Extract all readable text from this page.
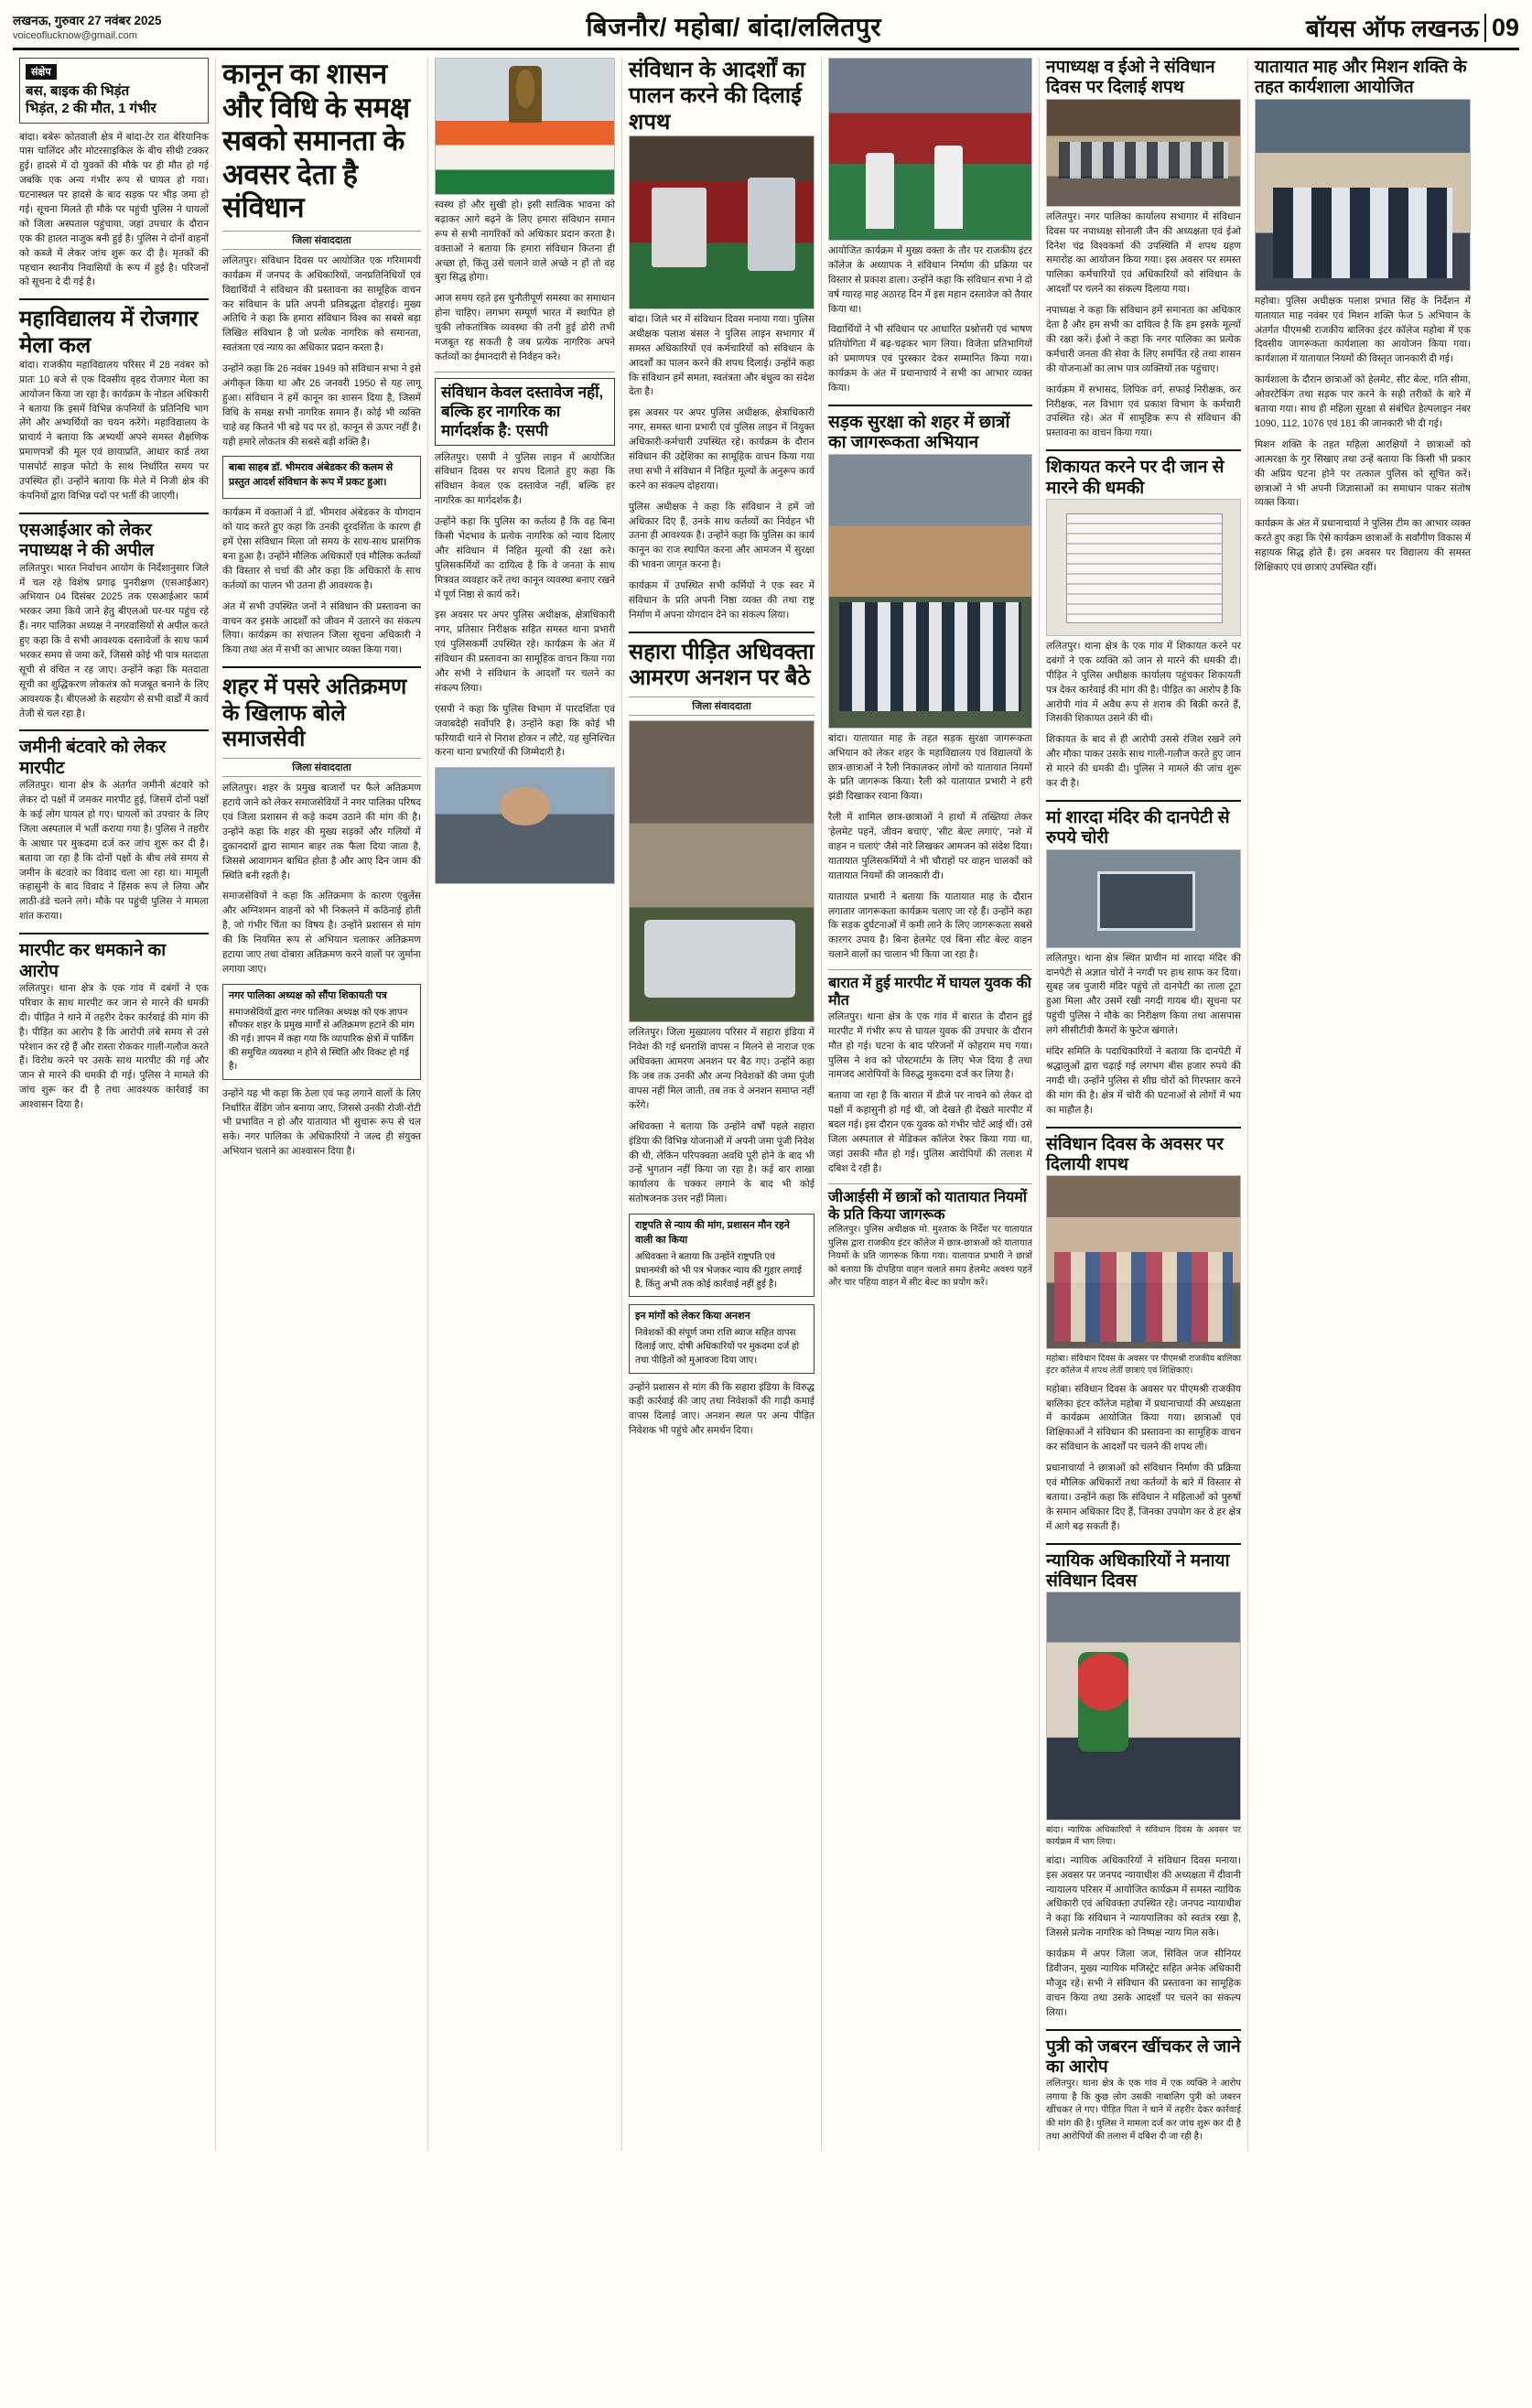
लखनऊ, गुरुवार 27 नवंबर 2025
voiceoflucknow@gmail.com	बिजनौर/ महोबा/ बांदा/ललितपुर	बॉयस ऑफ लखनऊ 09
संक्षेप
बस, बाइक की भिड़ंत
भिड़ंत, 2 की मौत, 1 गंभीर
बांदा। बबेरू कोतवाली क्षेत्र में बांदा-टेर रात बेरियानिक पास चालिंदर और मोटरसाइकिल के बीच सीधी टक्कर हुई। हादसे में दो युवकों की मौके पर ही मौत हो गई जबकि एक अन्य गंभीर रूप से घायल हो गया। घटनास्थल पर हादसे के बाद सड़क पर भीड़ जमा हो गई। सूचना मिलते ही मौके पर पहुंची पुलिस ने घायलों को जिला अस्पताल पहुंचाया, जहां उपचार के दौरान एक की हालत नाजुक बनी हुई है। पुलिस ने दोनों वाहनों को कब्जे में लेकर जांच शुरू कर दी है। मृतकों की पहचान स्थानीय निवासियों के रूप में हुई है। परिजनों को सूचना दे दी गई है।
महाविद्यालय में रोजगार मेला कल
बांदा। राजकीय महाविद्यालय परिसर में 28 नवंबर को प्रातः 10 बजे से एक दिवसीय वृहद रोजगार मेला का आयोजन किया जा रहा है। कार्यक्रम के नोडल अधिकारी ने बताया कि इसमें विभिन्न कंपनियों के प्रतिनिधि भाग लेंगे और अभ्यर्थियों का चयन करेंगे। महाविद्यालय के प्राचार्य ने बताया कि अभ्यर्थी अपने समस्त शैक्षणिक प्रमाणपत्रों की मूल एवं छायाप्रति, आधार कार्ड तथा पासपोर्ट साइज फोटो के साथ निर्धारित समय पर उपस्थित हों। उन्होंने बताया कि मेले में निजी क्षेत्र की कंपनियों द्वारा विभिन्न पदों पर भर्ती की जाएगी।
एसआईआर को लेकर नपाध्यक्ष ने की अपील
ललितपुर। भारत निर्वाचन आयोग के निर्देशानुसार जिले में चल रहे विशेष प्रगाढ़ पुनरीक्षण (एसआईआर) अभियान 04 दिसंबर 2025 तक एसआईआर फार्म भरकर जमा किये जाने हेतु बीएलओ घर-घर पहुंच रहे हैं। नगर पालिका अध्यक्ष ने नगरवासियों से अपील करते हुए कहा कि वे सभी आवश्यक दस्तावेजों के साथ फार्म भरकर समय से जमा करें, जिससे कोई भी पात्र मतदाता सूची से वंचित न रह जाए। उन्होंने कहा कि मतदाता सूची का शुद्धिकरण लोकतंत्र को मजबूत बनाने के लिए आवश्यक है। बीएलओ के सहयोग से सभी वार्डों में कार्य तेजी से चल रहा है।
जमीनी बंटवारे को लेकर मारपीट
ललितपुर। थाना क्षेत्र के अंतर्गत जमीनी बंटवारे को लेकर दो पक्षों में जमकर मारपीट हुई, जिसमें दोनों पक्षों के कई लोग घायल हो गए। घायलों को उपचार के लिए जिला अस्पताल में भर्ती कराया गया है। पुलिस ने तहरीर के आधार पर मुकदमा दर्ज कर जांच शुरू कर दी है। बताया जा रहा है कि दोनों पक्षों के बीच लंबे समय से जमीन के बंटवारे का विवाद चला आ रहा था। मामूली कहासुनी के बाद विवाद ने हिंसक रूप ले लिया और लाठी-डंडे चलने लगे। मौके पर पहुंची पुलिस ने मामला शांत कराया।
मारपीट कर धमकाने का आरोप
ललितपुर। थाना क्षेत्र के एक गांव में दबंगों ने एक परिवार के साथ मारपीट कर जान से मारने की धमकी दी। पीड़ित ने थाने में तहरीर देकर कार्रवाई की मांग की है। पीड़ित का आरोप है कि आरोपी लंबे समय से उसे परेशान कर रहे हैं और रास्ता रोककर गाली-गलौज करते हैं। विरोध करने पर उसके साथ मारपीट की गई और जान से मारने की धमकी दी गई। पुलिस ने मामले की जांच शुरू कर दी है तथा आवश्यक कार्रवाई का आश्वासन दिया है।
कानून का शासन और विधि के समक्ष सबको समानता के अवसर देता है संविधान
जिला संवाददाता
ललितपुर। संविधान दिवस पर आयोजित एक गरिमामयी कार्यक्रम में जनपद के अधिकारियों, जनप्रतिनिधियों एवं विद्यार्थियों ने संविधान की प्रस्तावना का सामूहिक वाचन कर संविधान के प्रति अपनी प्रतिबद्धता दोहराई। मुख्य अतिथि ने कहा कि हमारा संविधान विश्व का सबसे बड़ा लिखित संविधान है जो प्रत्येक नागरिक को समानता, स्वतंत्रता एवं न्याय का अधिकार प्रदान करता है।
उन्होंने कहा कि 26 नवंबर 1949 को संविधान सभा ने इसे अंगीकृत किया था और 26 जनवरी 1950 से यह लागू हुआ। संविधान ने हमें कानून का शासन दिया है, जिसमें विधि के समक्ष सभी नागरिक समान हैं। कोई भी व्यक्ति चाहे वह कितने भी बड़े पद पर हो, कानून से ऊपर नहीं है। यही हमारे लोकतंत्र की सबसे बड़ी शक्ति है।
बाबा साहब डॉ. भीमराव अंबेडकर की कलम से प्रस्तुत आदर्श संविधान के रूप में प्रकट हुआ।
कार्यक्रम में वक्ताओं ने डॉ. भीमराव अंबेडकर के योगदान को याद करते हुए कहा कि उनकी दूरदर्शिता के कारण ही हमें ऐसा संविधान मिला जो समय के साथ-साथ प्रासंगिक बना हुआ है। उन्होंने मौलिक अधिकारों एवं मौलिक कर्तव्यों की विस्तार से चर्चा की और कहा कि अधिकारों के साथ कर्तव्यों का पालन भी उतना ही आवश्यक है।
अंत में सभी उपस्थित जनों ने संविधान की प्रस्तावना का वाचन कर इसके आदर्शों को जीवन में उतारने का संकल्प लिया। कार्यक्रम का संचालन जिला सूचना अधिकारी ने किया तथा अंत में सभी का आभार व्यक्त किया गया।
शहर में पसरे अतिक्रमण के खिलाफ बोले समाजसेवी
जिला संवाददाता
ललितपुर। शहर के प्रमुख बाजारों पर फैले अतिक्रमण हटाये जाने को लेकर समाजसेवियों ने नगर पालिका परिषद एवं जिला प्रशासन से कड़े कदम उठाने की मांग की है। उन्होंने कहा कि शहर की मुख्य सड़कों और गलियों में दुकानदारों द्वारा सामान बाहर तक फैला दिया जाता है, जिससे आवागमन बाधित होता है और आए दिन जाम की स्थिति बनी रहती है।
समाजसेवियों ने कहा कि अतिक्रमण के कारण एंबुलेंस और अग्निशमन वाहनों को भी निकलने में कठिनाई होती है, जो गंभीर चिंता का विषय है। उन्होंने प्रशासन से मांग की कि नियमित रूप से अभियान चलाकर अतिक्रमण हटाया जाए तथा दोबारा अतिक्रमण करने वालों पर जुर्माना लगाया जाए।
नगर पालिका अध्यक्ष को सौंपा शिकायती पत्र
समाजसेवियों द्वारा नगर पालिका अध्यक्ष को एक ज्ञापन सौंपकर शहर के प्रमुख मार्गों से अतिक्रमण हटाने की मांग की गई। ज्ञापन में कहा गया कि व्यापारिक क्षेत्रों में पार्किंग की समुचित व्यवस्था न होने से स्थिति और विकट हो गई है।
उन्होंने यह भी कहा कि ठेला एवं फड़ लगाने वालों के लिए निर्धारित वेंडिंग जोन बनाया जाए, जिससे उनकी रोजी-रोटी भी प्रभावित न हो और यातायात भी सुचारू रूप से चल सके। नगर पालिका के अधिकारियों ने जल्द ही संयुक्त अभियान चलाने का आश्वासन दिया है।
स्वस्थ हो और सुखी हो। इसी सात्विक भावना को बढ़ाकर आगे बढ़ने के लिए हमारा संविधान समान रूप से सभी नागरिकों को अधिकार प्रदान करता है। वक्ताओं ने बताया कि हमारा संविधान कितना ही अच्छा हो, किंतु उसे चलाने वाले अच्छे न हों तो वह बुरा सिद्ध होगा।
आज समय रहते इस चुनौतीपूर्ण समस्या का समाधान होना चाहिए। लगभग सम्पूर्ण भारत में स्थापित हो चुकी लोकतांत्रिक व्यवस्था की तनी हुई डोरी तभी मजबूत रह सकती है जब प्रत्येक नागरिक अपने कर्तव्यों का ईमानदारी से निर्वहन करे।
संविधान केवल दस्तावेज नहीं, बल्कि हर नागरिक का मार्गदर्शक है: एसपी
ललितपुर। एसपी ने पुलिस लाइन में आयोजित संविधान दिवस पर शपथ दिलाते हुए कहा कि संविधान केवल एक दस्तावेज नहीं, बल्कि हर नागरिक का मार्गदर्शक है।
उन्होंने कहा कि पुलिस का कर्तव्य है कि वह बिना किसी भेदभाव के प्रत्येक नागरिक को न्याय दिलाए और संविधान में निहित मूल्यों की रक्षा करे। पुलिसकर्मियों का दायित्व है कि वे जनता के साथ मित्रवत व्यवहार करें तथा कानून व्यवस्था बनाए रखने में पूर्ण निष्ठा से कार्य करें।
इस अवसर पर अपर पुलिस अधीक्षक, क्षेत्राधिकारी नगर, प्रतिसार निरीक्षक सहित समस्त थाना प्रभारी एवं पुलिसकर्मी उपस्थित रहे। कार्यक्रम के अंत में संविधान की प्रस्तावना का सामूहिक वाचन किया गया और सभी ने संविधान के आदर्शों पर चलने का संकल्प लिया।
एसपी ने कहा कि पुलिस विभाग में पारदर्शिता एवं जवाबदेही सर्वोपरि है। उन्होंने कहा कि कोई भी फरियादी थाने से निराश होकर न लौटे, यह सुनिश्चित करना थाना प्रभारियों की जिम्मेदारी है।
संविधान के आदर्शों का पालन करने की दिलाई शपथ
बांदा। जिले भर में संविधान दिवस मनाया गया। पुलिस अधीक्षक पलाश बंसल ने पुलिस लाइन सभागार में समस्त अधिकारियों एवं कर्मचारियों को संविधान के आदर्शों का पालन करने की शपथ दिलाई। उन्होंने कहा कि संविधान हमें समता, स्वतंत्रता और बंधुत्व का संदेश देता है।
इस अवसर पर अपर पुलिस अधीक्षक, क्षेत्राधिकारी नगर, समस्त थाना प्रभारी एवं पुलिस लाइन में नियुक्त अधिकारी-कर्मचारी उपस्थित रहे। कार्यक्रम के दौरान संविधान की उद्देशिका का सामूहिक वाचन किया गया तथा सभी ने संविधान में निहित मूल्यों के अनुरूप कार्य करने का संकल्प दोहराया।
पुलिस अधीक्षक ने कहा कि संविधान ने हमें जो अधिकार दिए हैं, उनके साथ कर्तव्यों का निर्वहन भी उतना ही आवश्यक है। उन्होंने कहा कि पुलिस का कार्य कानून का राज स्थापित करना और आमजन में सुरक्षा की भावना जागृत करना है।
कार्यक्रम में उपस्थित सभी कर्मियों ने एक स्वर में संविधान के प्रति अपनी निष्ठा व्यक्त की तथा राष्ट्र निर्माण में अपना योगदान देने का संकल्प लिया।
सहारा पीड़ित अधिवक्ता आमरण अनशन पर बैठे
जिला संवाददाता
ललितपुर। जिला मुख्यालय परिसर में सहारा इंडिया में निवेश की गई धनराशि वापस न मिलने से नाराज एक अधिवक्ता आमरण अनशन पर बैठ गए। उन्होंने कहा कि जब तक उनकी और अन्य निवेशकों की जमा पूंजी वापस नहीं मिल जाती, तब तक वे अनशन समाप्त नहीं करेंगे।
अधिवक्ता ने बताया कि उन्होंने वर्षों पहले सहारा इंडिया की विभिन्न योजनाओं में अपनी जमा पूंजी निवेश की थी, लेकिन परिपक्वता अवधि पूरी होने के बाद भी उन्हें भुगतान नहीं किया जा रहा है। कई बार शाखा कार्यालय के चक्कर लगाने के बाद भी कोई संतोषजनक उत्तर नहीं मिला।
राष्ट्रपति से न्याय की मांग, प्रशासन मौन रहने वाली का किया
अधिवक्ता ने बताया कि उन्होंने राष्ट्रपति एवं प्रधानमंत्री को भी पत्र भेजकर न्याय की गुहार लगाई है, किंतु अभी तक कोई कार्रवाई नहीं हुई है।
इन मांगों को लेकर किया अनशन
निवेशकों की संपूर्ण जमा राशि ब्याज सहित वापस दिलाई जाए, दोषी अधिकारियों पर मुकदमा दर्ज हो तथा पीड़ितों को मुआवजा दिया जाए।
उन्होंने प्रशासन से मांग की कि सहारा इंडिया के विरुद्ध कड़ी कार्रवाई की जाए तथा निवेशकों की गाढ़ी कमाई वापस दिलाई जाए। अनशन स्थल पर अन्य पीड़ित निवेशक भी पहुंचे और समर्थन दिया।
आयोजित कार्यक्रम में मुख्य वक्ता के तौर पर राजकीय इंटर कॉलेज के अध्यापक ने संविधान निर्माण की प्रक्रिया पर विस्तार से प्रकाश डाला। उन्होंने कहा कि संविधान सभा ने दो वर्ष ग्यारह माह अठारह दिन में इस महान दस्तावेज को तैयार किया था।
विद्यार्थियों ने भी संविधान पर आधारित प्रश्नोत्तरी एवं भाषण प्रतियोगिता में बढ़-चढ़कर भाग लिया। विजेता प्रतिभागियों को प्रमाणपत्र एवं पुरस्कार देकर सम्मानित किया गया। कार्यक्रम के अंत में प्रधानाचार्य ने सभी का आभार व्यक्त किया।
सड़क सुरक्षा को शहर में छात्रों का जागरूकता अभियान
बांदा। यातायात माह के तहत सड़क सुरक्षा जागरूकता अभियान को लेकर शहर के महाविद्यालय एवं विद्यालयों के छात्र-छात्राओं ने रैली निकालकर लोगों को यातायात नियमों के प्रति जागरूक किया। रैली को यातायात प्रभारी ने हरी झंडी दिखाकर रवाना किया।
रैली में शामिल छात्र-छात्राओं ने हाथों में तख्तियां लेकर 'हेलमेट पहनें, जीवन बचाएं', 'सीट बेल्ट लगाएं', 'नशे में वाहन न चलाएं' जैसे नारे लिखकर आमजन को संदेश दिया। यातायात पुलिसकर्मियों ने भी चौराहों पर वाहन चालकों को यातायात नियमों की जानकारी दी।
यातायात प्रभारी ने बताया कि यातायात माह के दौरान लगातार जागरूकता कार्यक्रम चलाए जा रहे हैं। उन्होंने कहा कि सड़क दुर्घटनाओं में कमी लाने के लिए जागरूकता सबसे कारगर उपाय है। बिना हेलमेट एवं बिना सीट बेल्ट वाहन चलाने वालों का चालान भी किया जा रहा है।
बारात में हुई मारपीट में घायल युवक की मौत
ललितपुर। थाना क्षेत्र के एक गांव में बारात के दौरान हुई मारपीट में गंभीर रूप से घायल युवक की उपचार के दौरान मौत हो गई। घटना के बाद परिजनों में कोहराम मच गया। पुलिस ने शव को पोस्टमार्टम के लिए भेज दिया है तथा नामजद आरोपियों के विरुद्ध मुकदमा दर्ज कर लिया है।
बताया जा रहा है कि बारात में डीजे पर नाचने को लेकर दो पक्षों में कहासुनी हो गई थी, जो देखते ही देखते मारपीट में बदल गई। इस दौरान एक युवक को गंभीर चोटें आई थीं। उसे जिला अस्पताल से मेडिकल कॉलेज रेफर किया गया था, जहां उसकी मौत हो गई। पुलिस आरोपियों की तलाश में दबिश दे रही है।
जीआईसी में छात्रों को यातायात नियमों के प्रति किया जागरूक
ललितपुर। पुलिस अधीक्षक मो. मुश्ताक के निर्देश पर यातायात पुलिस द्वारा राजकीय इंटर कॉलेज में छात्र-छात्राओं को यातायात नियमों के प्रति जागरूक किया गया। यातायात प्रभारी ने छात्रों को बताया कि दोपहिया वाहन चलाते समय हेलमेट अवश्य पहनें और चार पहिया वाहन में सीट बेल्ट का प्रयोग करें।
नपाध्यक्ष व ईओ ने संविधान दिवस पर दिलाई शपथ
ललितपुर। नगर पालिका कार्यालय सभागार में संविधान दिवस पर नपाध्यक्ष सोनाली जैन की अध्यक्षता एवं ईओ दिनेश चंद्र विश्वकर्मा की उपस्थिति में शपथ ग्रहण समारोह का आयोजन किया गया। इस अवसर पर समस्त पालिका कर्मचारियों एवं अधिकारियों को संविधान के आदर्शों पर चलने का संकल्प दिलाया गया।
नपाध्यक्ष ने कहा कि संविधान हमें समानता का अधिकार देता है और हम सभी का दायित्व है कि हम इसके मूल्यों की रक्षा करें। ईओ ने कहा कि नगर पालिका का प्रत्येक कर्मचारी जनता की सेवा के लिए समर्पित रहे तथा शासन की योजनाओं का लाभ पात्र व्यक्तियों तक पहुंचाए।
कार्यक्रम में सभासद, लिपिक वर्ग, सफाई निरीक्षक, कर निरीक्षक, नल विभाग एवं प्रकाश विभाग के कर्मचारी उपस्थित रहे। अंत में सामूहिक रूप से संविधान की प्रस्तावना का वाचन किया गया।
शिकायत करने पर दी जान से मारने की धमकी
ललितपुर। थाना क्षेत्र के एक गांव में शिकायत करने पर दबंगों ने एक व्यक्ति को जान से मारने की धमकी दी। पीड़ित ने पुलिस अधीक्षक कार्यालय पहुंचकर शिकायती पत्र देकर कार्रवाई की मांग की है। पीड़ित का आरोप है कि आरोपी गांव में अवैध रूप से शराब की बिक्री करते हैं, जिसकी शिकायत उसने की थी।
शिकायत के बाद से ही आरोपी उससे रंजिश रखने लगे और मौका पाकर उसके साथ गाली-गलौज करते हुए जान से मारने की धमकी दी। पुलिस ने मामले की जांच शुरू कर दी है।
मां शारदा मंदिर की दानपेटी से रुपये चोरी
ललितपुर। थाना क्षेत्र स्थित प्राचीन मां शारदा मंदिर की दानपेटी से अज्ञात चोरों ने नगदी पर हाथ साफ कर दिया। सुबह जब पुजारी मंदिर पहुंचे तो दानपेटी का ताला टूटा हुआ मिला और उसमें रखी नगदी गायब थी। सूचना पर पहुंची पुलिस ने मौके का निरीक्षण किया तथा आसपास लगे सीसीटीवी कैमरों के फुटेज खंगाले।
मंदिर समिति के पदाधिकारियों ने बताया कि दानपेटी में श्रद्धालुओं द्वारा चढ़ाई गई लगभग बीस हजार रुपये की नगदी थी। उन्होंने पुलिस से शीघ्र चोरों को गिरफ्तार करने की मांग की है। क्षेत्र में चोरी की घटनाओं से लोगों में भय का माहौल है।
संविधान दिवस के अवसर पर दिलायी शपथ
महोबा। संविधान दिवस के अवसर पर पीएमश्री राजकीय बालिका इंटर कॉलेज में शपथ लेतीं छात्राएं एवं शिक्षिकाएं।
महोबा। संविधान दिवस के अवसर पर पीएमश्री राजकीय बालिका इंटर कॉलेज महोबा में प्रधानाचार्या की अध्यक्षता में कार्यक्रम आयोजित किया गया। छात्राओं एवं शिक्षिकाओं ने संविधान की प्रस्तावना का सामूहिक वाचन कर संविधान के आदर्शों पर चलने की शपथ ली।
प्रधानाचार्या ने छात्राओं को संविधान निर्माण की प्रक्रिया एवं मौलिक अधिकारों तथा कर्तव्यों के बारे में विस्तार से बताया। उन्होंने कहा कि संविधान ने महिलाओं को पुरुषों के समान अधिकार दिए हैं, जिनका उपयोग कर वे हर क्षेत्र में आगे बढ़ सकती हैं।
न्यायिक अधिकारियों ने मनाया संविधान दिवस
बांदा। न्यायिक अधिकारियों ने संविधान दिवस के अवसर पर कार्यक्रम में भाग लिया।
बांदा। न्यायिक अधिकारियों ने संविधान दिवस मनाया। इस अवसर पर जनपद न्यायाधीश की अध्यक्षता में दीवानी न्यायालय परिसर में आयोजित कार्यक्रम में समस्त न्यायिक अधिकारी एवं अधिवक्ता उपस्थित रहे। जनपद न्यायाधीश ने कहा कि संविधान ने न्यायपालिका को स्वतंत्र रखा है, जिससे प्रत्येक नागरिक को निष्पक्ष न्याय मिल सके।
कार्यक्रम में अपर जिला जज, सिविल जज सीनियर डिवीजन, मुख्य न्यायिक मजिस्ट्रेट सहित अनेक अधिकारी मौजूद रहे। सभी ने संविधान की प्रस्तावना का सामूहिक वाचन किया तथा उसके आदर्शों पर चलने का संकल्प लिया।
पुत्री को जबरन खींचकर ले जाने का आरोप
ललितपुर। थाना क्षेत्र के एक गांव में एक व्यक्ति ने आरोप लगाया है कि कुछ लोग उसकी नाबालिग पुत्री को जबरन खींचकर ले गए। पीड़ित पिता ने थाने में तहरीर देकर कार्रवाई की मांग की है। पुलिस ने मामला दर्ज कर जांच शुरू कर दी है तथा आरोपियों की तलाश में दबिश दी जा रही है।
यातायात माह और मिशन शक्ति के तहत कार्यशाला आयोजित
महोबा। पुलिस अधीक्षक पलाश प्रभात सिंह के निर्देशन में यातायात माह नवंबर एवं मिशन शक्ति फेज 5 अभियान के अंतर्गत पीएमश्री राजकीय बालिका इंटर कॉलेज महोबा में एक दिवसीय जागरूकता कार्यशाला का आयोजन किया गया। कार्यशाला में यातायात नियमों की विस्तृत जानकारी दी गई।
कार्यशाला के दौरान छात्राओं को हेलमेट, सीट बेल्ट, गति सीमा, ओवरटेकिंग तथा सड़क पार करने के सही तरीकों के बारे में बताया गया। साथ ही महिला सुरक्षा से संबंधित हेल्पलाइन नंबर 1090, 112, 1076 एवं 181 की जानकारी भी दी गई।
मिशन शक्ति के तहत महिला आरक्षियों ने छात्राओं को आत्मरक्षा के गुर सिखाए तथा उन्हें बताया कि किसी भी प्रकार की अप्रिय घटना होने पर तत्काल पुलिस को सूचित करें। छात्राओं ने भी अपनी जिज्ञासाओं का समाधान पाकर संतोष व्यक्त किया।
कार्यक्रम के अंत में प्रधानाचार्या ने पुलिस टीम का आभार व्यक्त करते हुए कहा कि ऐसे कार्यक्रम छात्राओं के सर्वांगीण विकास में सहायक सिद्ध होते हैं। इस अवसर पर विद्यालय की समस्त शिक्षिकाएं एवं छात्राएं उपस्थित रहीं।
